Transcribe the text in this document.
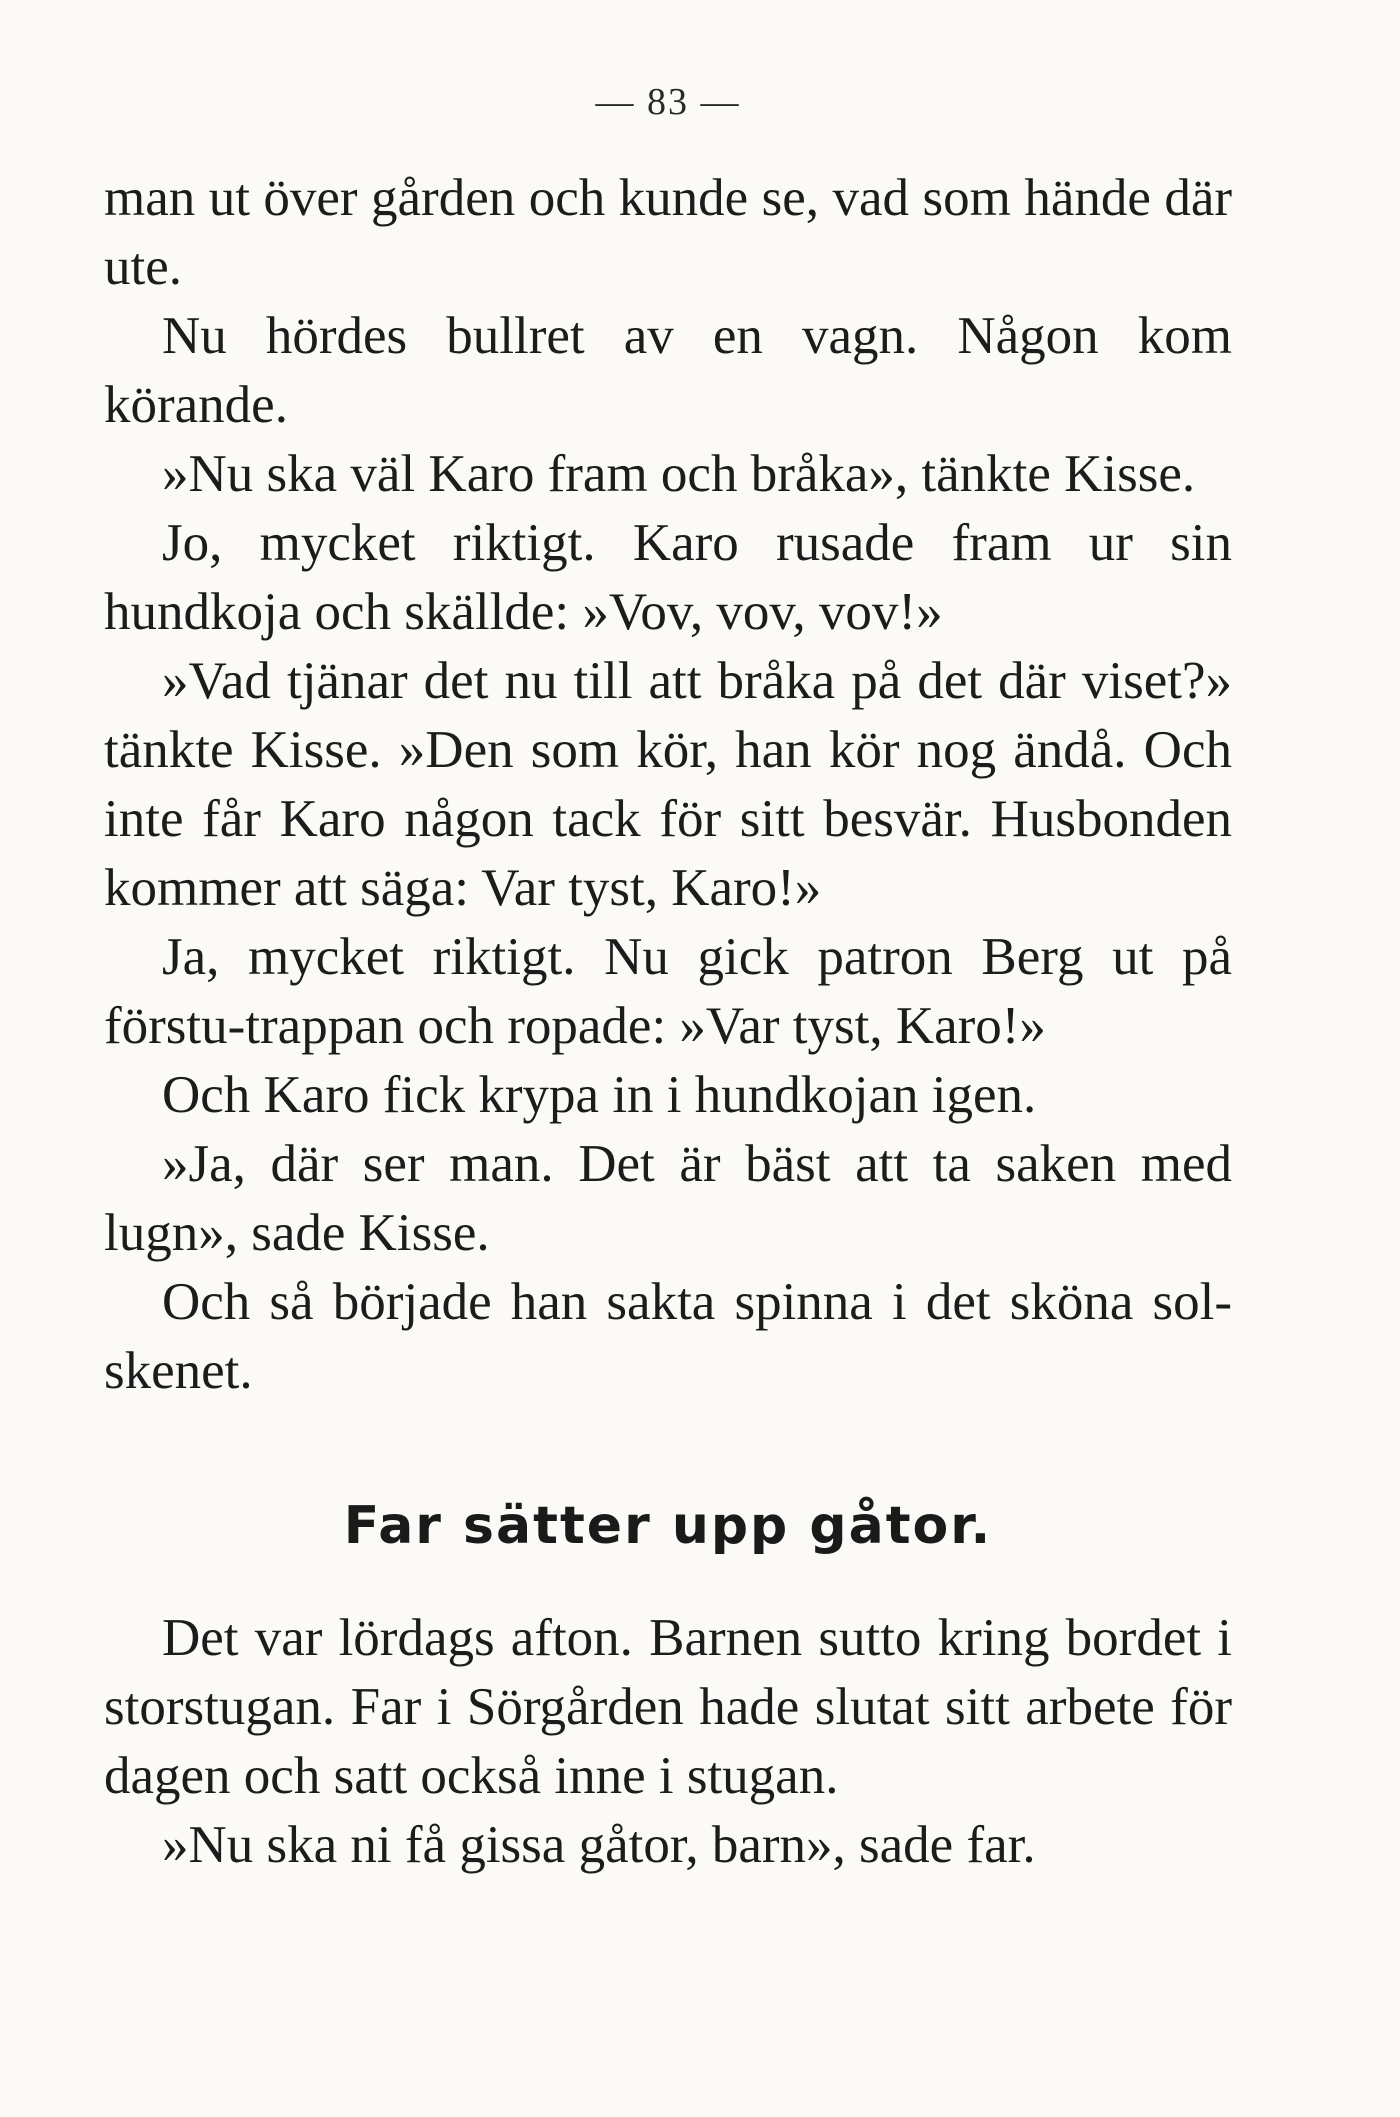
— 83 —

man ut över gården och kunde se, vad som hände där ute.

Nu hördes bullret av en vagn. Någon kom körande.

»Nu ska väl Karo fram och bråka», tänkte Kisse.

Jo, mycket riktigt. Karo rusade fram ur sin hundkoja och skällde: »Vov, vov, vov!»

»Vad tjänar det nu till att bråka på det där viset?» tänkte Kisse. »Den som kör, han kör nog ändå. Och inte får Karo någon tack för sitt besvär. Husbonden kommer att säga: Var tyst, Karo!»

Ja, mycket riktigt. Nu gick patron Berg ut på förstu-trappan och ropade: »Var tyst, Karo!»

Och Karo fick krypa in i hundkojan igen.

»Ja, där ser man. Det är bäst att ta saken med lugn», sade Kisse.

Och så började han sakta spinna i det sköna sol-skenet.

Far sätter upp gåtor.

Det var lördags afton. Barnen sutto kring bordet i storstugan. Far i Sörgården hade slutat sitt arbete för dagen och satt också inne i stugan.

»Nu ska ni få gissa gåtor, barn», sade far.
